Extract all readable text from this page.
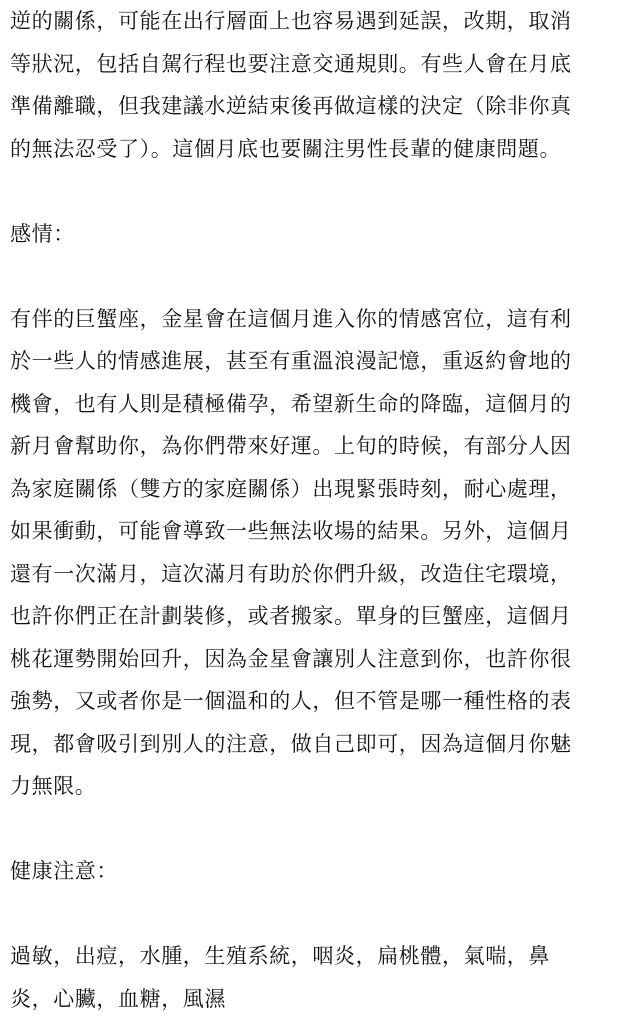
逆的關係，可能在出行層面上也容易遇到延誤，改期，取消
等狀況，包括自駕行程也要注意交通規則。有些人會在月底
準備離職，但我建議水逆結束後再做這樣的決定（除非你真
的無法忍受了）。這個月底也要關注男性長輩的健康問題。
感情：
有伴的巨蟹座，金星會在這個月進入你的情感宮位，這有利
於一些人的情感進展，甚至有重溫浪漫記憶，重返約會地的
機會，也有人則是積極備孕，希望新生命的降臨，這個月的
新月會幫助你，為你們帶來好運。上旬的時候，有部分人因
為家庭關係（雙方的家庭關係）出現緊張時刻，耐心處理，
如果衝動，可能會導致一些無法收場的結果。另外，這個月
還有一次滿月，這次滿月有助於你們升級，改造住宅環境，
也許你們正在計劃裝修，或者搬家。單身的巨蟹座，這個月
桃花運勢開始回升，因為金星會讓別人注意到你，也許你很
強勢，又或者你是一個溫和的人，但不管是哪一種性格的表
現，都會吸引到別人的注意，做自己即可，因為這個月你魅
力無限。
健康注意：
過敏，出痘，水腫，生殖系統，咽炎，扁桃體，氣喘，鼻
炎，心臟，血糖，風濕
